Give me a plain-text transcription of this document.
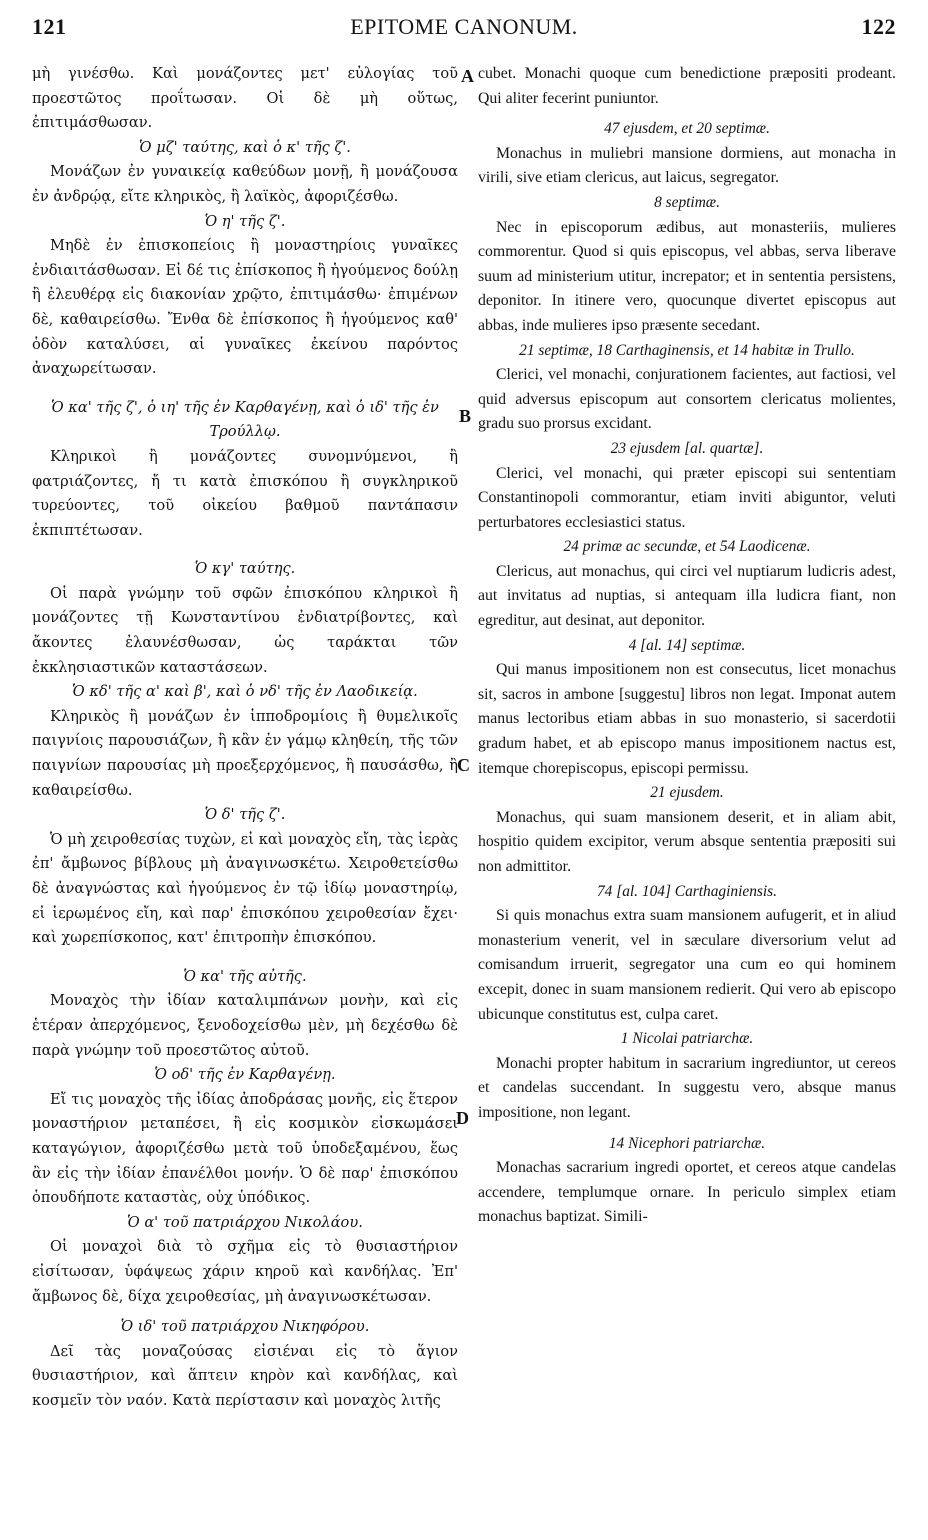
121	EPITOME CANONUM.	122

μὴ γινέσθω. Καὶ μονάζοντες μετ' εὐλογίας τοῦ προεστῶτος προΐτωσαν. Οἱ δὲ μὴ οὕτως, ἐπιτιμάσθωσαν.

Ὁ μζ' ταύτης, καὶ ὁ κ' τῆς ζ'.

Μονάζων ἐν γυναικείᾳ καθεύδων μονῇ, ἢ μονάζουσα ἐν ἀνδρῴᾳ, εἴτε κληρικὸς, ἢ λαϊκὸς, ἀφοριζέσθω.

Ὁ η' τῆς ζ'.

Μηδὲ ἐν ἐπισκοπείοις ἢ μοναστηρίοις γυναῖκες ἐνδιαιτάσθωσαν. Εἰ δέ τις ἐπίσκοπος ἢ ἡγούμενος δούλῃ ἢ ἐλευθέρᾳ εἰς διακονίαν χρῷτο, ἐπιτιμάσθω· ἐπιμένων δὲ, καθαιρείσθω. Ἔνθα δὲ ἐπίσκοπος ἢ ἡγούμενος καθ' ὁδὸν καταλύσει, αἱ γυναῖκες ἐκείνου παρόντος ἀναχωρείτωσαν.

Ὁ κα' τῆς ζ', ὁ ιη' τῆς ἐν Καρθαγένῃ, καὶ ὁ ιδ' τῆς ἐν Τρούλλῳ.

Κληρικοὶ ἢ μονάζοντες συνομνύμενοι, ἢ φατριάζοντες, ἤ τι κατὰ ἐπισκόπου ἢ συγκληρικοῦ τυρεύοντες, τοῦ οἰκείου βαθμοῦ παντάπασιν ἐκπιπτέτωσαν.

Ὁ κγ' ταύτης.

Οἱ παρὰ γνώμην τοῦ σφῶν ἐπισκόπου κληρικοὶ ἢ μονάζοντες τῇ Κωνσταντίνου ἐνδιατρίβοντες, καὶ ἄκοντες ἐλαυνέσθωσαν, ὡς ταράκται τῶν ἐκκλησιαστικῶν καταστάσεων.

Ὁ κδ' τῆς α' καὶ β', καὶ ὁ νδ' τῆς ἐν Λαοδικείᾳ.

Κληρικὸς ἢ μονάζων ἐν ἱπποδρομίοις ἢ θυμελικοῖς παιγνίοις παρουσιάζων, ἢ κἂν ἐν γάμῳ κληθείη, τῆς τῶν παιγνίων παρουσίας μὴ προεξερχόμενος, ἢ παυσάσθω, ἢ καθαιρείσθω.

Ὁ δ' τῆς ζ'.

Ὁ μὴ χειροθεσίας τυχὼν, εἰ καὶ μοναχὸς εἴη, τὰς ἱερὰς ἐπ' ἄμβωνος βίβλους μὴ ἀναγινωσκέτω. Χειροθετείσθω δὲ ἀναγνώστας καὶ ἡγούμενος ἐν τῷ ἰδίῳ μοναστηρίῳ, εἰ ἱερωμένος εἴη, καὶ παρ' ἐπισκόπου χειροθεσίαν ἔχει· καὶ χωρεπίσκοπος, κατ' ἐπιτροπὴν ἐπισκόπου.

Ὁ κα' τῆς αὐτῆς.

Μοναχὸς τὴν ἰδίαν καταλιμπάνων μονὴν, καὶ εἰς ἑτέραν ἀπερχόμενος, ξενοδοχείσθω μὲν, μὴ δεχέσθω δὲ παρὰ γνώμην τοῦ προεστῶτος αὐτοῦ.

Ὁ οδ' τῆς ἐν Καρθαγένῃ.

Εἴ τις μοναχὸς τῆς ἰδίας ἀποδράσας μονῆς, εἰς ἕτερον μοναστήριον μεταπέσει, ἢ εἰς κοσμικὸν εἰσκωμάσει καταγώγιον, ἀφοριζέσθω μετὰ τοῦ ὑποδεξαμένου, ἕως ἂν εἰς τὴν ἰδίαν ἐπανέλθοι μονήν. Ὁ δὲ παρ' ἐπισκόπου ὁπουδήποτε καταστὰς, οὐχ ὑπόδικος.

Ὁ α' τοῦ πατριάρχου Νικολάου.

Οἱ μοναχοὶ διὰ τὸ σχῆμα εἰς τὸ θυσιαστήριον εἰσίτωσαν, ὑφάψεως χάριν κηροῦ καὶ κανδήλας. Ἐπ' ἄμβωνος δὲ, δίχα χειροθεσίας, μὴ ἀναγινωσκέτωσαν.

Ὁ ιδ' τοῦ πατριάρχου Νικηφόρου.

Δεῖ τὰς μοναζούσας εἰσιέναι εἰς τὸ ἅγιον θυσιαστήριον, καὶ ἅπτειν κηρὸν καὶ κανδήλας, καὶ κοσμεῖν τὸν ναόν. Κατὰ περίστασιν καὶ μοναχὸς λιτῆς

cubet. Monachi quoque cum benedictione præpositi prodeant. Qui aliter fecerint puniuntor.

47 ejusdem, et 20 septimæ.

Monachus in muliebri mansione dormiens, aut monacha in virili, sive etiam clericus, aut laicus, segregator.

8 septimæ.

Nec in episcoporum ædibus, aut monasteriis, mulieres commorentur. Quod si quis episcopus, vel abbas, serva liberave suum ad ministerium utitur, increpator; et in sententia persistens, deponitor. In itinere vero, quocunque divertet episcopus aut abbas, inde mulieres ipso præsente secedant.

21 septimæ, 18 Carthaginensis, et 14 habitæ in Trullo.

Clerici, vel monachi, conjurationem facientes, aut factiosi, vel quid adversus episcopum aut consortem clericatus molientes, gradu suo prorsus excidant.

23 ejusdem [al. quartæ].

Clerici, vel monachi, qui præter episcopi sui sententiam Constantinopoli commorantur, etiam inviti abiguntor, veluti perturbatores ecclesiastici status.

24 primæ ac secundæ, et 54 Laodicenæ.

Clericus, aut monachus, qui circi vel nuptiarum ludicris adest, aut invitatus ad nuptias, si antequam illa ludicra fiant, non egreditur, aut desinat, aut deponitor.

4 [al. 14] septimæ.

Qui manus impositionem non est consecutus, licet monachus sit, sacros in ambone [suggestu] libros non legat. Imponat autem manus lectoribus etiam abbas in suo monasterio, si sacerdotii gradum habet, et ab episcopo manus impositionem nactus est, itemque chorepiscopus, episcopi permissu.

21 ejusdem.

Monachus, qui suam mansionem deserit, et in aliam abit, hospitio quidem excipitor, verum absque sententia præpositi sui non admittitor.

74 [al. 104] Carthaginiensis.

Si quis monachus extra suam mansionem aufugerit, et in aliud monasterium venerit, vel in sæculare diversorium velut ad comisandum irruerit, segregator una cum eo qui hominem excepit, donec in suam mansionem redierit. Qui vero ab episcopo ubicunque constitutus est, culpa caret.

1 Nicolai patriarchæ.

Monachi propter habitum in sacrarium ingrediuntor, ut cereos et candelas succendant. In suggestu vero, absque manus impositione, non legant.

14 Nicephori patriarchæ.

Monachas sacrarium ingredi oportet, et cereos atque candelas accendere, templumque ornare. In periculo simplex etiam monachus baptizat. Simili-

A
B
C
D
